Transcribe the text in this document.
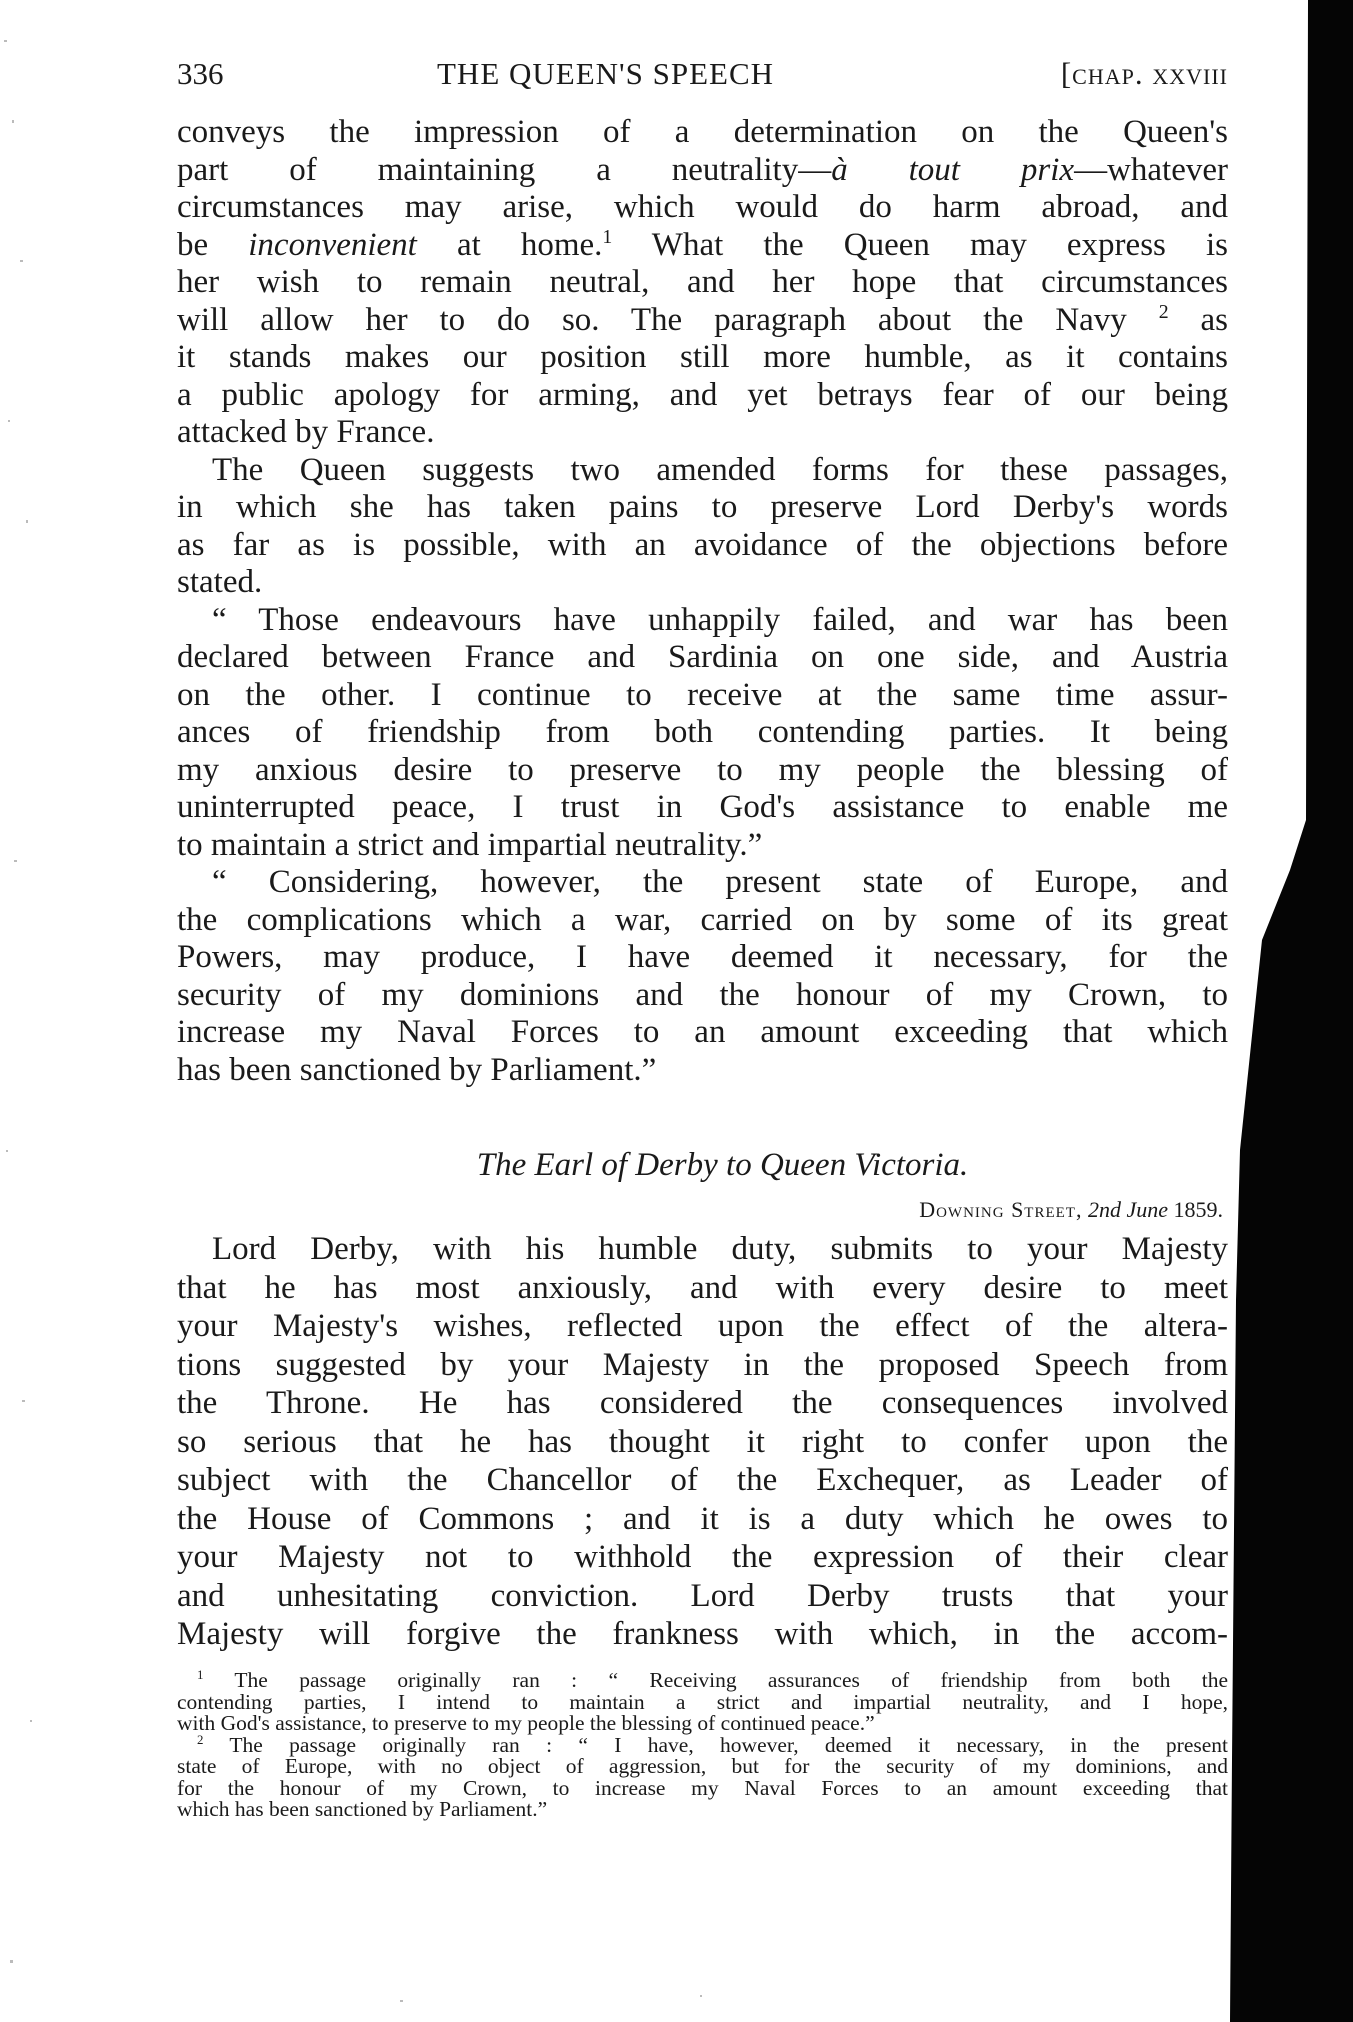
336	THE QUEEN'S SPEECH	[chap. xxviii
conveys the impression of a determination on the Queen's
part of maintaining a neutrality—à tout prix—whatever
circumstances may arise, which would do harm abroad, and
be inconvenient at home.$^1$ What the Queen may express is
her wish to remain neutral, and her hope that circumstances
will allow her to do so. The paragraph about the Navy $^2$ as
it stands makes our position still more humble, as it contains
a public apology for arming, and yet betrays fear of our being
attacked by France.
The Queen suggests two amended forms for these passages,
in which she has taken pains to preserve Lord Derby's words
as far as is possible, with an avoidance of the objections before
stated.
“ Those endeavours have unhappily failed, and war has been
declared between France and Sardinia on one side, and Austria
on the other. I continue to receive at the same time assur-
ances of friendship from both contending parties. It being
my anxious desire to preserve to my people the blessing of
uninterrupted peace, I trust in God's assistance to enable me
to maintain a strict and impartial neutrality.”
“ Considering, however, the present state of Europe, and
the complications which a war, carried on by some of its great
Powers, may produce, I have deemed it necessary, for the
security of my dominions and the honour of my Crown, to
increase my Naval Forces to an amount exceeding that which
has been sanctioned by Parliament.”
The Earl of Derby to Queen Victoria.
Downing Street, 2nd June 1859.
Lord Derby, with his humble duty, submits to your Majesty
that he has most anxiously, and with every desire to meet
your Majesty's wishes, reflected upon the effect of the altera-
tions suggested by your Majesty in the proposed Speech from
the Throne. He has considered the consequences involved
so serious that he has thought it right to confer upon the
subject with the Chancellor of the Exchequer, as Leader of
the House of Commons ; and it is a duty which he owes to
your Majesty not to withhold the expression of their clear
and unhesitating conviction. Lord Derby trusts that your
Majesty will forgive the frankness with which, in the accom-
$^1$ The passage originally ran : “ Receiving assurances of friendship from both the
contending parties, I intend to maintain a strict and impartial neutrality, and I hope,
with God's assistance, to preserve to my people the blessing of continued peace.”
$^2$ The passage originally ran : “ I have, however, deemed it necessary, in the present
state of Europe, with no object of aggression, but for the security of my dominions, and
for the honour of my Crown, to increase my Naval Forces to an amount exceeding that
which has been sanctioned by Parliament.”
